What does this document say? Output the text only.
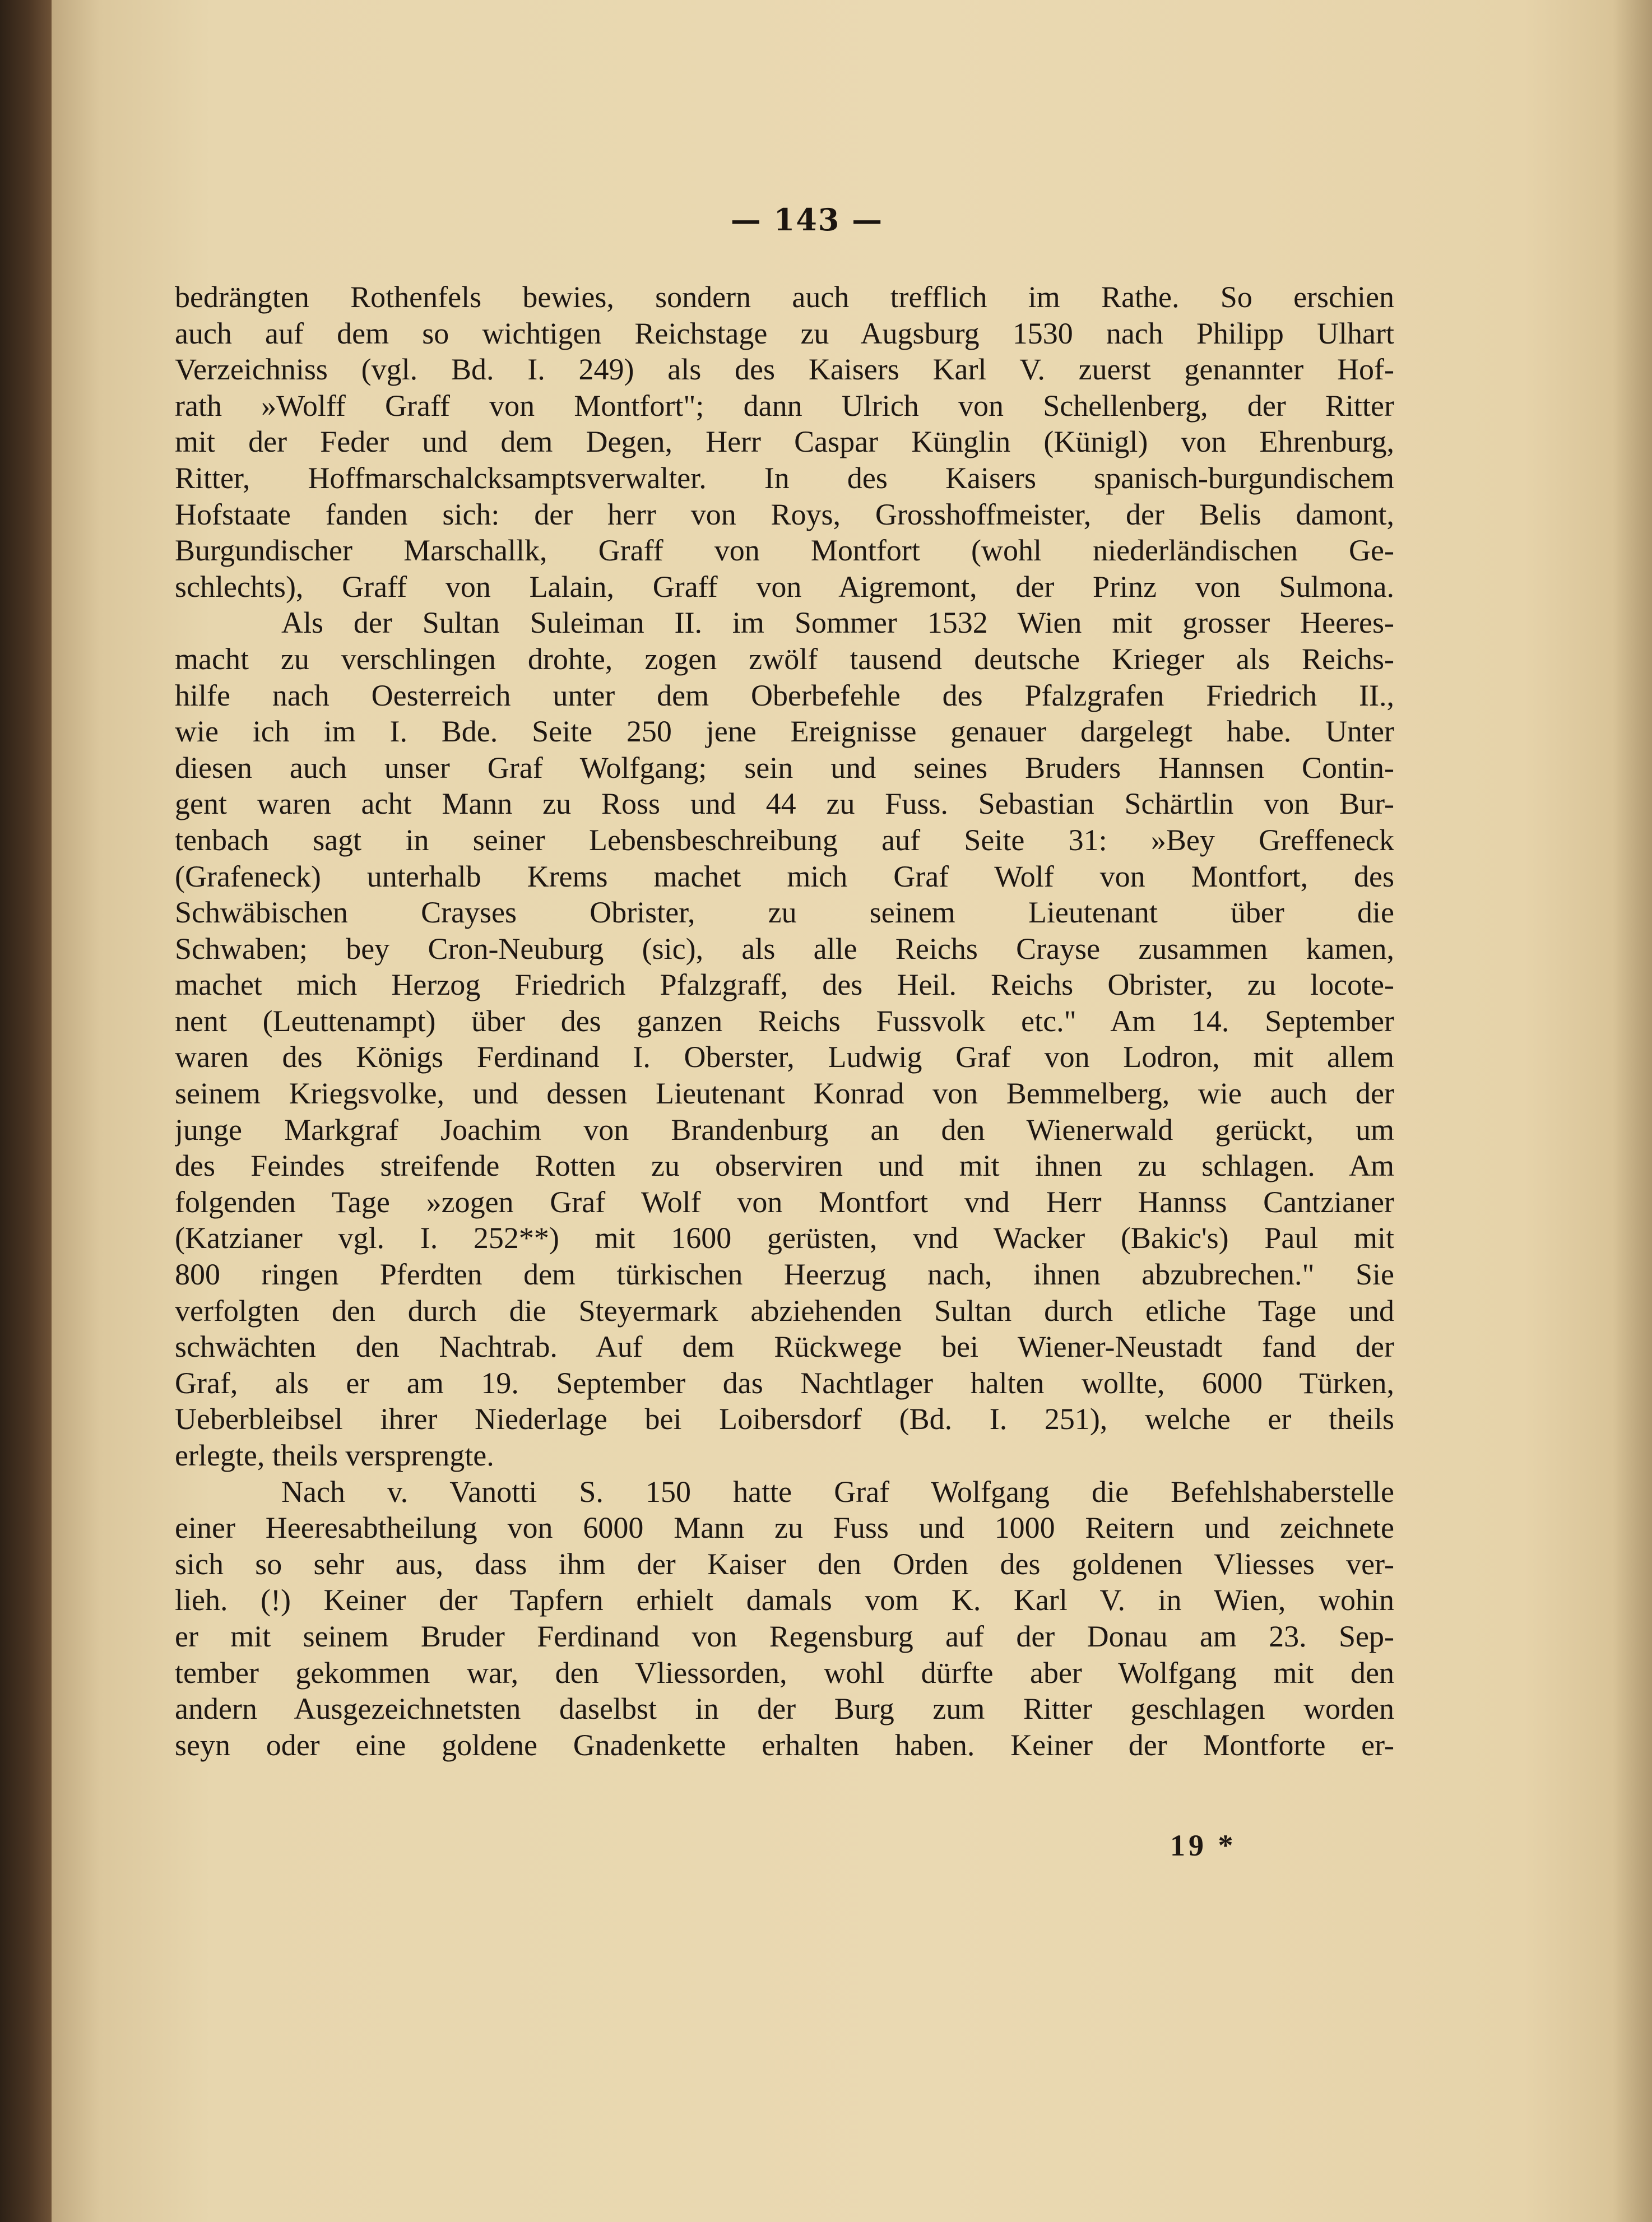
— 143 —
bedrängten Rothenfels bewies, sondern auch trefflich im Rathe. So erschien
auch auf dem so wichtigen Reichstage zu Augsburg 1530 nach Philipp Ulhart
Verzeichniss (vgl. Bd. I. 249) als des Kaisers Karl V. zuerst genannter Hof-
rath »Wolff Graff von Montfort"; dann Ulrich von Schellenberg, der Ritter
mit der Feder und dem Degen, Herr Caspar Künglin (Künigl) von Ehrenburg,
Ritter, Hoffmarschalcksamptsverwalter. In des Kaisers spanisch-burgundischem
Hofstaate fanden sich: der herr von Roys, Grosshoffmeister, der Belis damont,
Burgundischer Marschallk, Graff von Montfort (wohl niederländischen Ge-
schlechts), Graff von Lalain, Graff von Aigremont, der Prinz von Sulmona.
Als der Sultan Suleiman II. im Sommer 1532 Wien mit grosser Heeres-
macht zu verschlingen drohte, zogen zwölf tausend deutsche Krieger als Reichs-
hilfe nach Oesterreich unter dem Oberbefehle des Pfalzgrafen Friedrich II.,
wie ich im I. Bde. Seite 250 jene Ereignisse genauer dargelegt habe. Unter
diesen auch unser Graf Wolfgang; sein und seines Bruders Hannsen Contin-
gent waren acht Mann zu Ross und 44 zu Fuss. Sebastian Schärtlin von Bur-
tenbach sagt in seiner Lebensbeschreibung auf Seite 31: »Bey Greffeneck
(Grafeneck) unterhalb Krems machet mich Graf Wolf von Montfort, des
Schwäbischen Crayses Obrister, zu seinem Lieutenant über die
Schwaben; bey Cron-Neuburg (sic), als alle Reichs Crayse zusammen kamen,
machet mich Herzog Friedrich Pfalzgraff, des Heil. Reichs Obrister, zu locote-
nent (Leuttenampt) über des ganzen Reichs Fussvolk etc." Am 14. September
waren des Königs Ferdinand I. Oberster, Ludwig Graf von Lodron, mit allem
seinem Kriegsvolke, und dessen Lieutenant Konrad von Bemmelberg, wie auch der
junge Markgraf Joachim von Brandenburg an den Wienerwald gerückt, um
des Feindes streifende Rotten zu observiren und mit ihnen zu schlagen. Am
folgenden Tage »zogen Graf Wolf von Montfort vnd Herr Hannss Cantzianer
(Katzianer vgl. I. 252**) mit 1600 gerüsten, vnd Wacker (Bakic's) Paul mit
800 ringen Pferdten dem türkischen Heerzug nach, ihnen abzubrechen." Sie
verfolgten den durch die Steyermark abziehenden Sultan durch etliche Tage und
schwächten den Nachtrab. Auf dem Rückwege bei Wiener-Neustadt fand der
Graf, als er am 19. September das Nachtlager halten wollte, 6000 Türken,
Ueberbleibsel ihrer Niederlage bei Loibersdorf (Bd. I. 251), welche er theils
erlegte, theils versprengte.
Nach v. Vanotti S. 150 hatte Graf Wolfgang die Befehlshaberstelle
einer Heeresabtheilung von 6000 Mann zu Fuss und 1000 Reitern und zeichnete
sich so sehr aus, dass ihm der Kaiser den Orden des goldenen Vliesses ver-
lieh. (!) Keiner der Tapfern erhielt damals vom K. Karl V. in Wien, wohin
er mit seinem Bruder Ferdinand von Regensburg auf der Donau am 23. Sep-
tember gekommen war, den Vliessorden, wohl dürfte aber Wolfgang mit den
andern Ausgezeichnetsten daselbst in der Burg zum Ritter geschlagen worden
seyn oder eine goldene Gnadenkette erhalten haben. Keiner der Montforte er-
19 *
